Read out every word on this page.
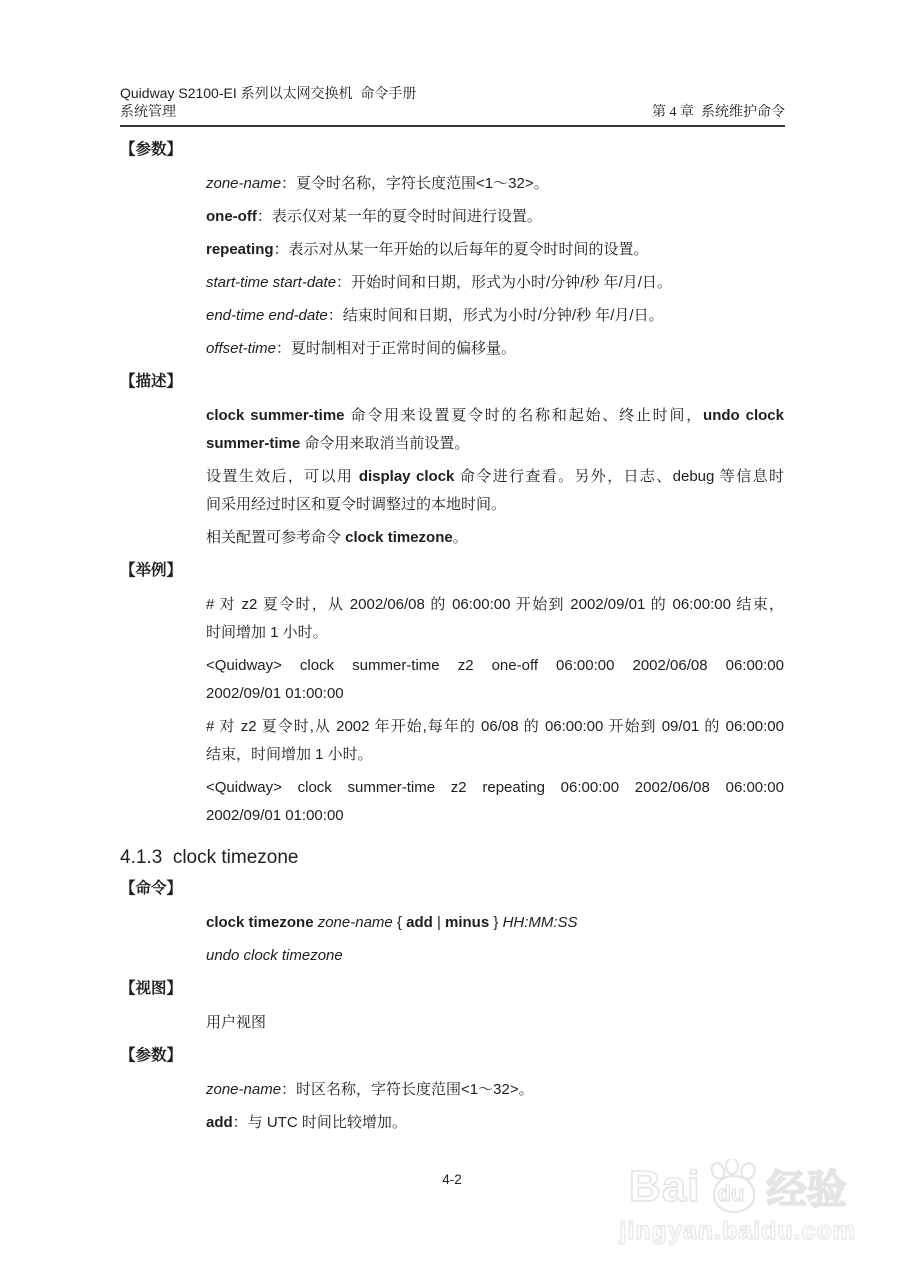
Quidway S2100-EI 系列以太网交换机  命令手册
系统管理	第 4 章  系统维护命令
【参数】
zone-name：夏令时名称，字符长度范围<1～32>。
one-off：表示仅对某一年的夏令时时间进行设置。
repeating：表示对从某一年开始的以后每年的夏令时时间的设置。
start-time start-date：开始时间和日期，形式为小时/分钟/秒 年/月/日。
end-time end-date：结束时间和日期，形式为小时/分钟/秒 年/月/日。
offset-time：夏时制相对于正常时间的偏移量。
【描述】
clock summer-time 命令用来设置夏令时的名称和起始、终止时间，undo clock
summer-time 命令用来取消当前设置。
设置生效后，可以用 display clock 命令进行查看。另外，日志、debug 等信息时
间采用经过时区和夏令时调整过的本地时间。
相关配置可参考命令 clock timezone。
【举例】
# 对 z2 夏令时，从 2002/06/08 的 06:00:00 开始到 2002/09/01 的 06:00:00 结束，
时间增加 1 小时。
<Quidway> clock summer-time z2 one-off 06:00:00 2002/06/08 06:00:00
2002/09/01 01:00:00
# 对 z2 夏令时,从 2002 年开始,每年的 06/08 的 06:00:00 开始到 09/01 的 06:00:00
结束，时间增加 1 小时。
<Quidway> clock summer-time z2 repeating 06:00:00 2002/06/08 06:00:00
2002/09/01 01:00:00
4.1.3  clock timezone
【命令】
clock timezone zone-name { add | minus } HH:MM:SS
undo clock timezone
【视图】
用户视图
【参数】
zone-name：时区名称，字符长度范围<1～32>。
add：与 UTC 时间比较增加。
4-2	Bai du 经验
jingyan.baidu.com
